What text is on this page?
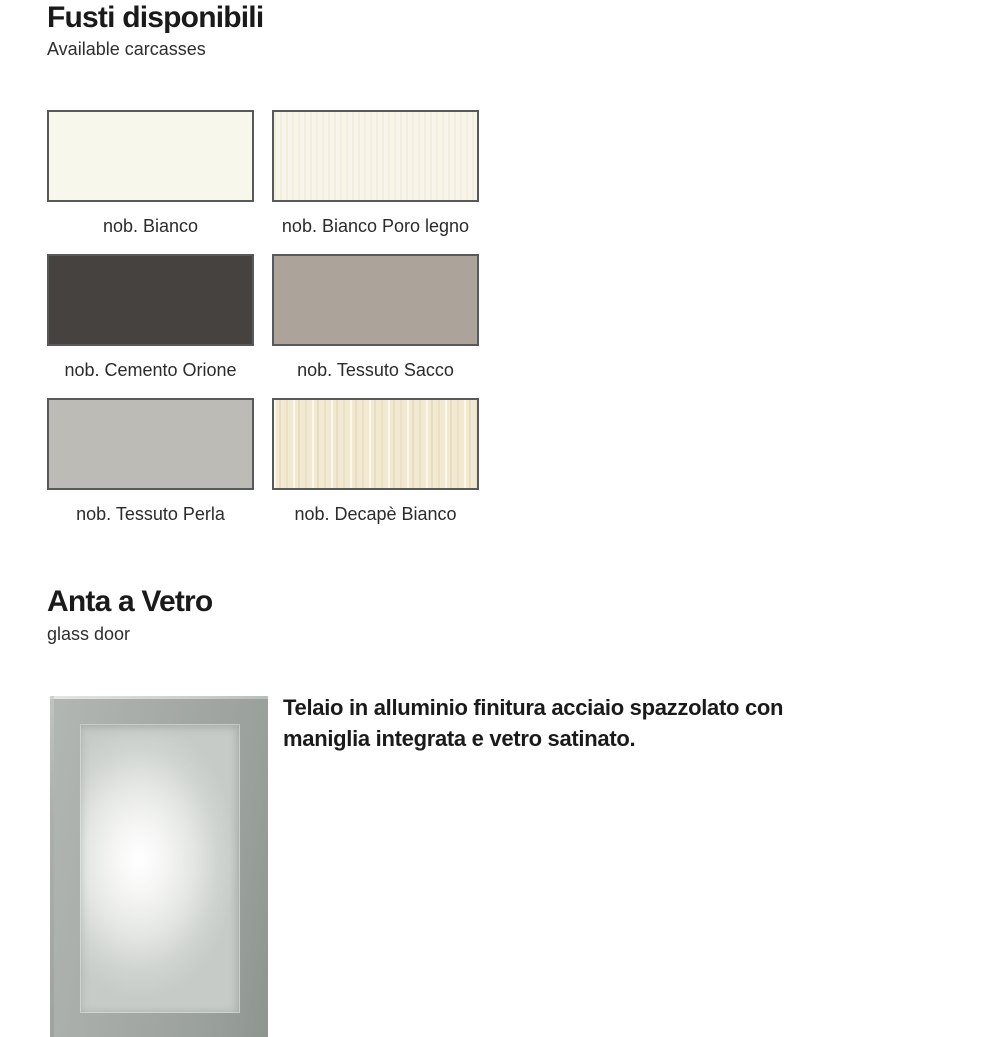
Fusti disponibili
Available carcasses
nob. Bianco	nob. Bianco Poro legno
nob. Cemento Orione	nob. Tessuto Sacco
nob. Tessuto Perla	nob. Decapè Bianco
Anta a Vetro
glass door
Telaio in alluminio finitura acciaio spazzolato con
maniglia integrata e vetro satinato.
